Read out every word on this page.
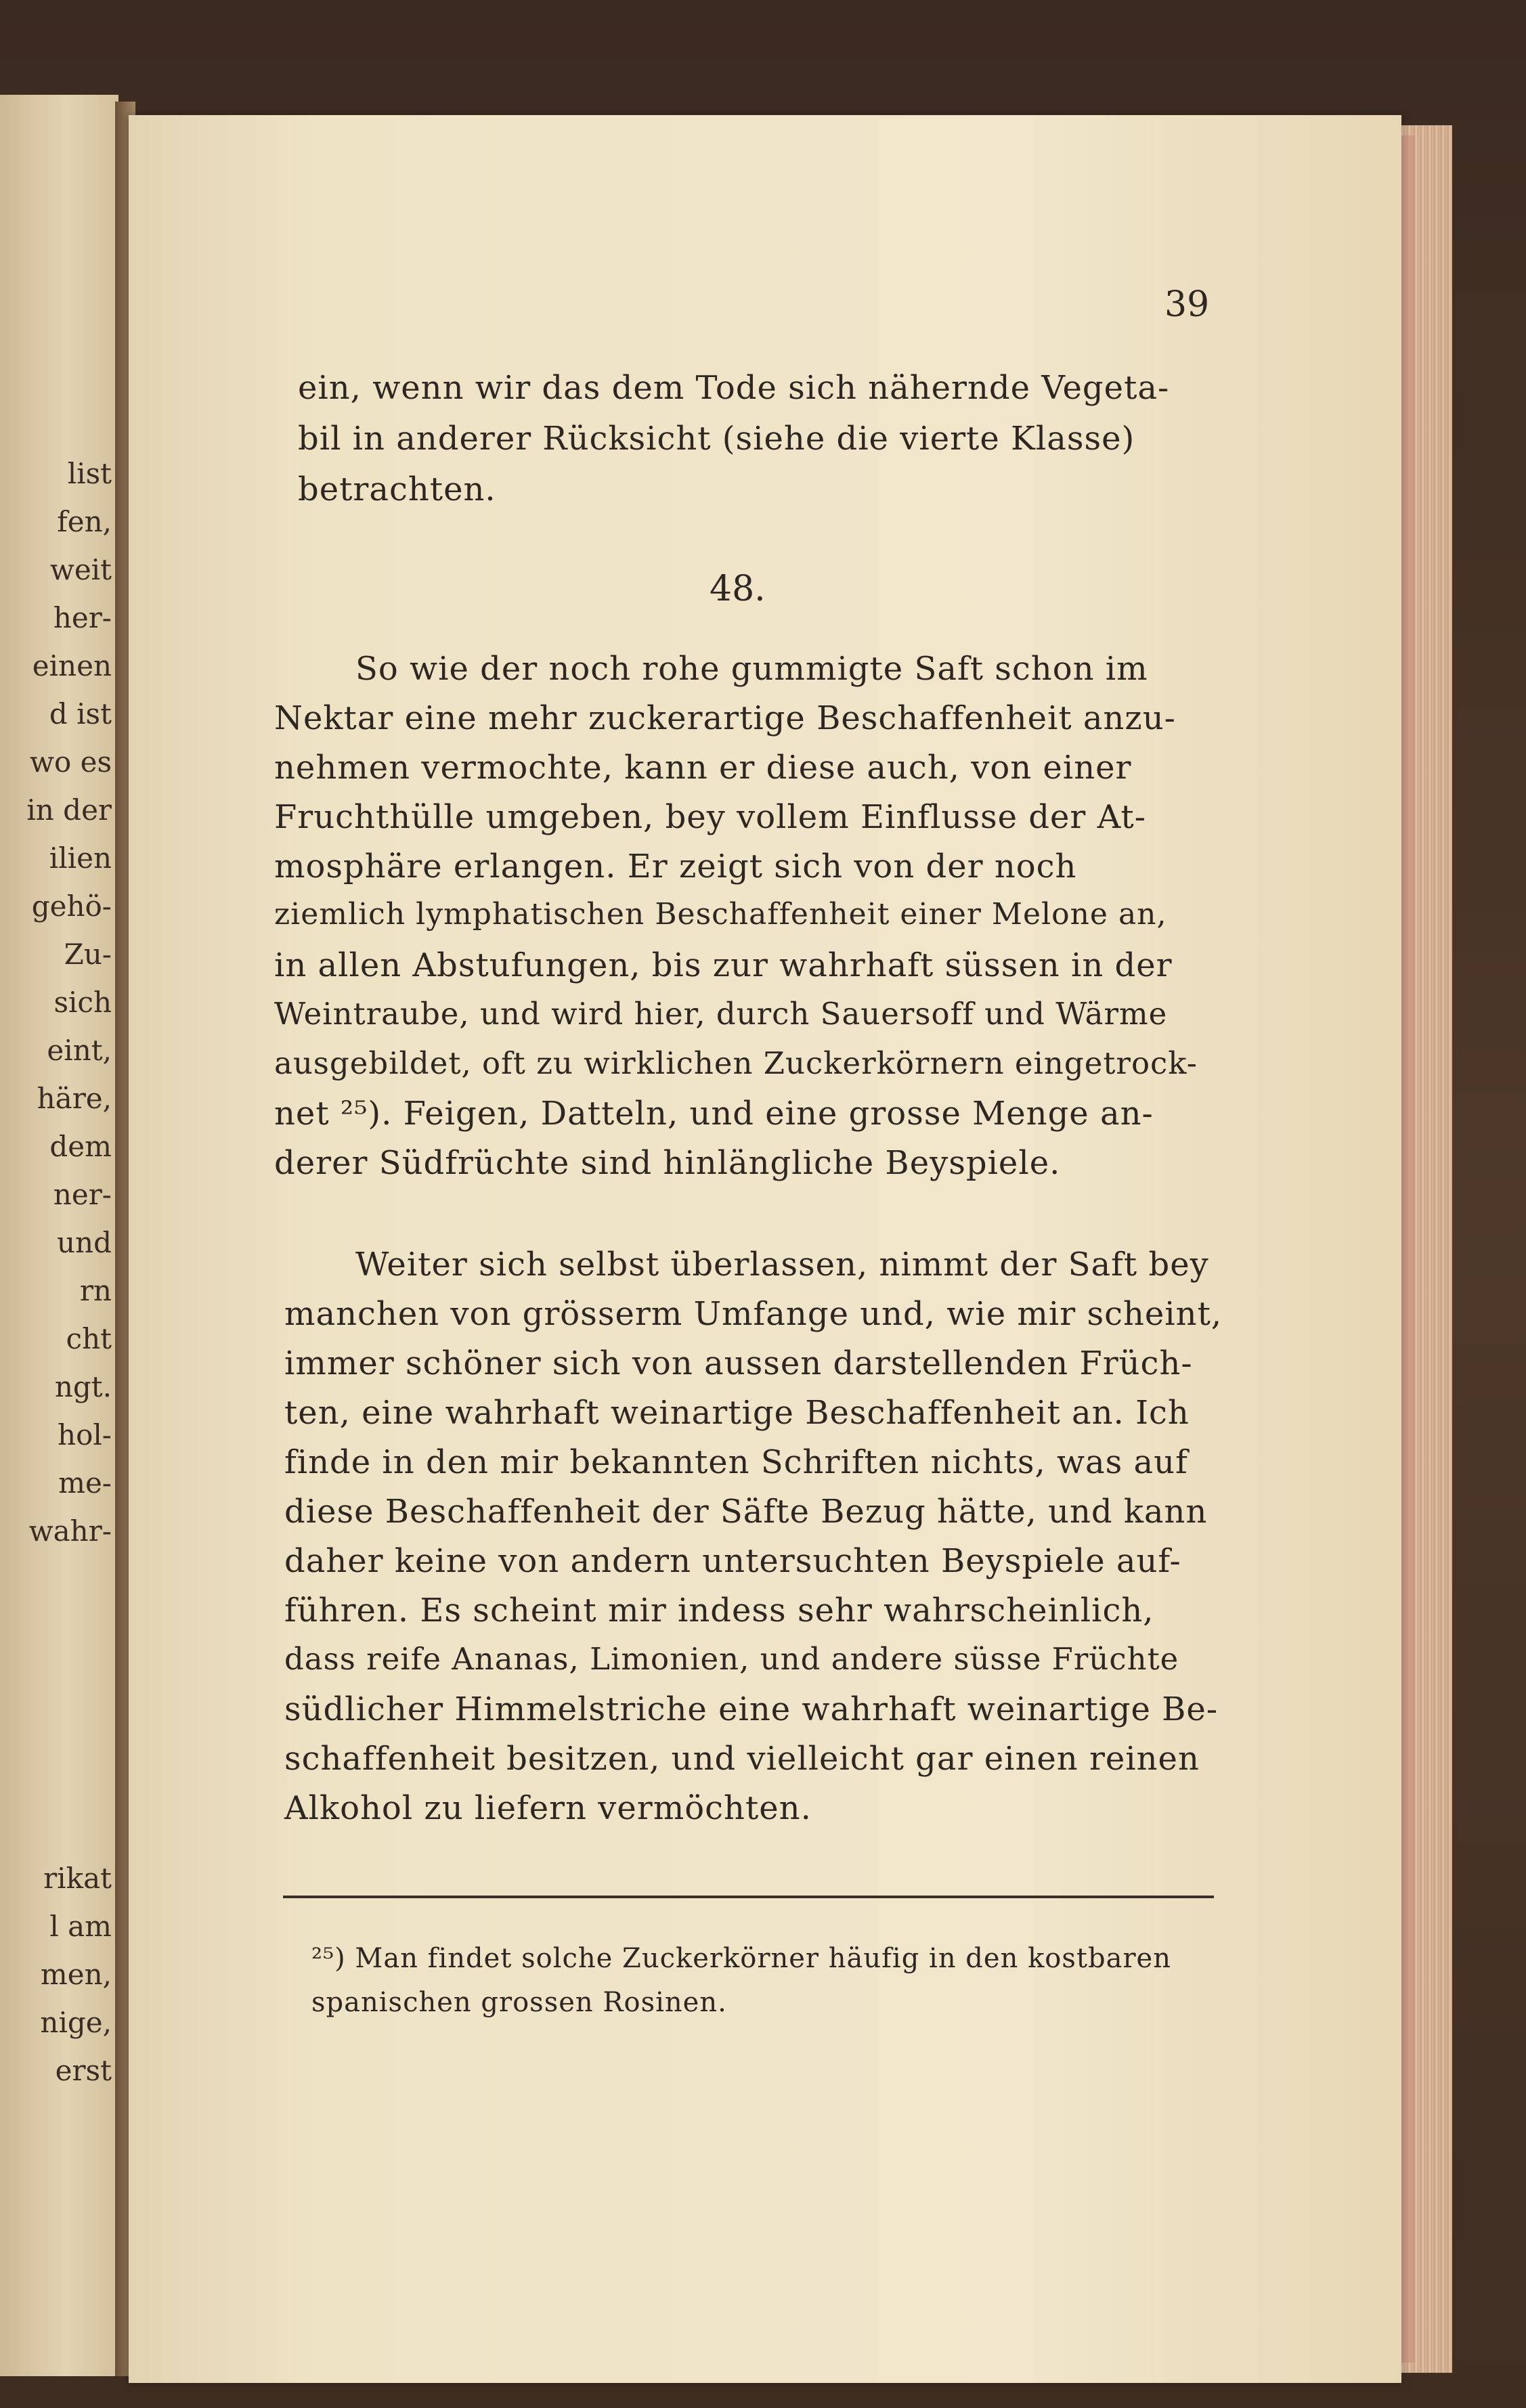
list
fen,
weit
her-
einen
d ist
wo es
in der
ilien
gehö-
Zu-
sich
eint,
häre,
dem
ner-
und
rn
cht
ngt.
hol-
me-
wahr-
rikat
l am
men,
nige,
erst
39
ein, wenn wir das dem Tode sich nähernde Vegeta-
bil in anderer Rücksicht (siehe die vierte Klasse)
betrachten.
48.
So wie der noch rohe gummigte Saft schon im
Nektar eine mehr zuckerartige Beschaffenheit anzu-
nehmen vermochte, kann er diese auch, von einer
Fruchthülle umgeben, bey vollem Einflusse der At-
mosphäre erlangen. Er zeigt sich von der noch
ziemlich lymphatischen Beschaffenheit einer Melone an,
in allen Abstufungen, bis zur wahrhaft süssen in der
Weintraube, und wird hier, durch Sauersoff und Wärme
ausgebildet, oft zu wirklichen Zuckerkörnern eingetrock-
net ²⁵). Feigen, Datteln, und eine grosse Menge an-
derer Südfrüchte sind hinlängliche Beyspiele.
Weiter sich selbst überlassen, nimmt der Saft bey
manchen von grösserm Umfange und, wie mir scheint,
immer schöner sich von aussen darstellenden Früch-
ten, eine wahrhaft weinartige Beschaffenheit an. Ich
finde in den mir bekannten Schriften nichts, was auf
diese Beschaffenheit der Säfte Bezug hätte, und kann
daher keine von andern untersuchten Beyspiele auf-
führen. Es scheint mir indess sehr wahrscheinlich,
dass reife Ananas, Limonien, und andere süsse Früchte
südlicher Himmelstriche eine wahrhaft weinartige Be-
schaffenheit besitzen, und vielleicht gar einen reinen
Alkohol zu liefern vermöchten.
²⁵) Man findet solche Zuckerkörner häufig in den kostbaren
spanischen grossen Rosinen.
